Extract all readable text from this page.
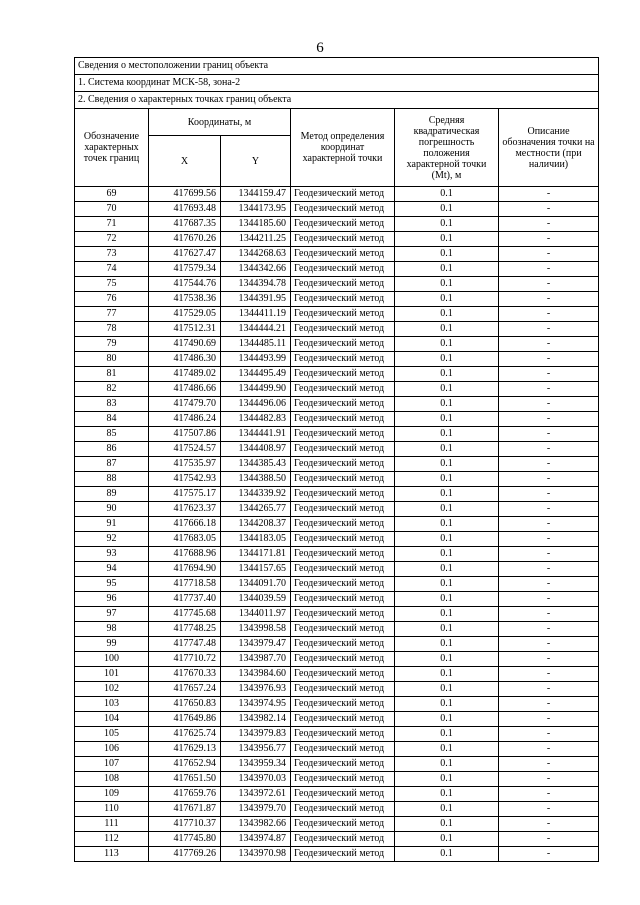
6
Сведения о местоположении границ объекта					
1. Система координат МСК-58, зона-2					
2. Сведения о характерных точках границ объекта					
Обозначение характерных точек границ	Координаты, м		Метод определения координат характерной точки	Средняя квадратическая погрешность положения характерной точки (Mt), м	Описание обозначения точки на местности (при наличии)
	X	Y			
69	417699.56	1344159.47	Геодезический метод	0.1	-
70	417693.48	1344173.95	Геодезический метод	0.1	-
71	417687.35	1344185.60	Геодезический метод	0.1	-
72	417670.26	1344211.25	Геодезический метод	0.1	-
73	417627.47	1344268.63	Геодезический метод	0.1	-
74	417579.34	1344342.66	Геодезический метод	0.1	-
75	417544.76	1344394.78	Геодезический метод	0.1	-
76	417538.36	1344391.95	Геодезический метод	0.1	-
77	417529.05	1344411.19	Геодезический метод	0.1	-
78	417512.31	1344444.21	Геодезический метод	0.1	-
79	417490.69	1344485.11	Геодезический метод	0.1	-
80	417486.30	1344493.99	Геодезический метод	0.1	-
81	417489.02	1344495.49	Геодезический метод	0.1	-
82	417486.66	1344499.90	Геодезический метод	0.1	-
83	417479.70	1344496.06	Геодезический метод	0.1	-
84	417486.24	1344482.83	Геодезический метод	0.1	-
85	417507.86	1344441.91	Геодезический метод	0.1	-
86	417524.57	1344408.97	Геодезический метод	0.1	-
87	417535.97	1344385.43	Геодезический метод	0.1	-
88	417542.93	1344388.50	Геодезический метод	0.1	-
89	417575.17	1344339.92	Геодезический метод	0.1	-
90	417623.37	1344265.77	Геодезический метод	0.1	-
91	417666.18	1344208.37	Геодезический метод	0.1	-
92	417683.05	1344183.05	Геодезический метод	0.1	-
93	417688.96	1344171.81	Геодезический метод	0.1	-
94	417694.90	1344157.65	Геодезический метод	0.1	-
95	417718.58	1344091.70	Геодезический метод	0.1	-
96	417737.40	1344039.59	Геодезический метод	0.1	-
97	417745.68	1344011.97	Геодезический метод	0.1	-
98	417748.25	1343998.58	Геодезический метод	0.1	-
99	417747.48	1343979.47	Геодезический метод	0.1	-
100	417710.72	1343987.70	Геодезический метод	0.1	-
101	417670.33	1343984.60	Геодезический метод	0.1	-
102	417657.24	1343976.93	Геодезический метод	0.1	-
103	417650.83	1343974.95	Геодезический метод	0.1	-
104	417649.86	1343982.14	Геодезический метод	0.1	-
105	417625.74	1343979.83	Геодезический метод	0.1	-
106	417629.13	1343956.77	Геодезический метод	0.1	-
107	417652.94	1343959.34	Геодезический метод	0.1	-
108	417651.50	1343970.03	Геодезический метод	0.1	-
109	417659.76	1343972.61	Геодезический метод	0.1	-
110	417671.87	1343979.70	Геодезический метод	0.1	-
111	417710.37	1343982.66	Геодезический метод	0.1	-
112	417745.80	1343974.87	Геодезический метод	0.1	-
113	417769.26	1343970.98	Геодезический метод	0.1	-
